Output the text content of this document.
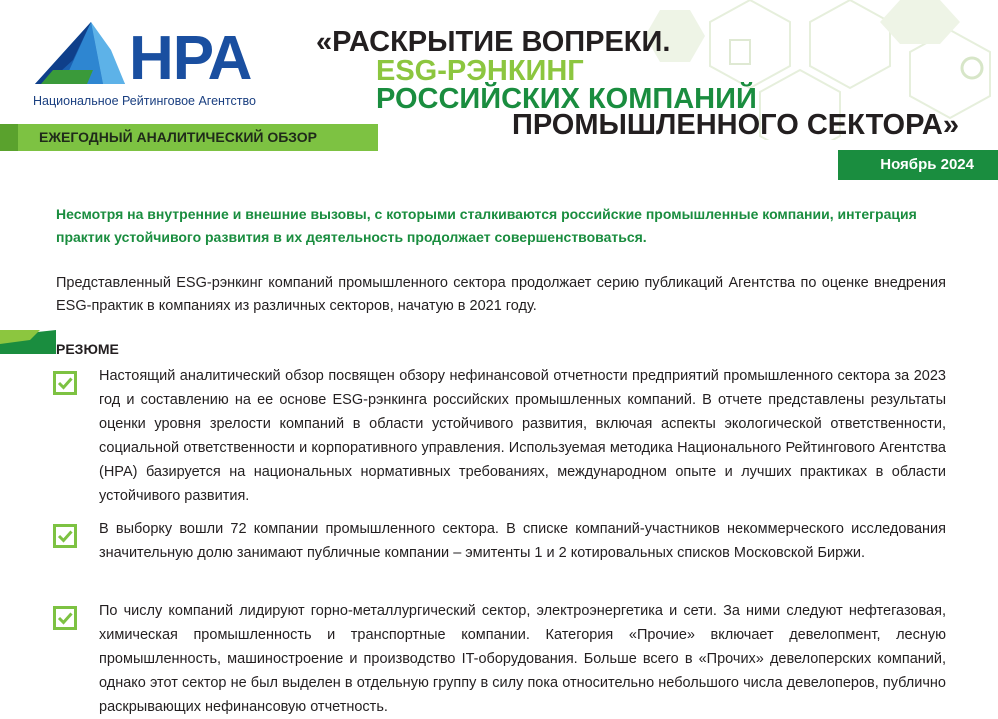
НРА
Национальное Рейтинговое Агентство
«РАСКРЫТИЕ ВОПРЕКИ.
ESG-РЭНКИНГ
РОССИЙСКИХ КОМПАНИЙ
ПРОМЫШЛЕННОГО СЕКТОРА»
ЕЖЕГОДНЫЙ АНАЛИТИЧЕСКИЙ ОБЗОР
Ноябрь 2024
Несмотря на внутренние и внешние вызовы, с которыми сталкиваются российские промышленные компании, интеграция практик устойчивого развития в их деятельность продолжает совершенствоваться.
Представленный ESG-рэнкинг компаний промышленного сектора продолжает серию публикаций Агентства по оценке внедрения ESG-практик в компаниях из различных секторов, начатую в 2021 году.
РЕЗЮМЕ
Настоящий аналитический обзор посвящен обзору нефинансовой отчетности предприятий промышленного сектора за 2023 год и составлению на ее основе ESG-рэнкинга российских промышленных компаний. В отчете представлены результаты оценки уровня зрелости компаний в области устойчивого развития, включая аспекты экологической ответственности, социальной ответственности и корпоративного управления. Используемая методика Национального Рейтингового Агентства (НРА) базируется на национальных нормативных требованиях, международном опыте и лучших практиках в области устойчивого развития.
В выборку вошли 72 компании промышленного сектора. В списке компаний-участников некоммерческого исследования значительную долю занимают публичные компании – эмитенты 1 и 2 котировальных списков Московской Биржи.
По числу компаний лидируют горно-металлургический сектор, электроэнергетика и сети. За ними следуют нефтегазовая, химическая промышленность и транспортные компании. Категория «Прочие» включает девелопмент, лесную промышленность, машиностроение и производство IT-оборудования. Больше всего в «Прочих» девелоперских компаний, однако этот сектор не был выделен в отдельную группу в силу пока относительно небольшого числа девелоперов, публично раскрывающих нефинансовую отчетность.
